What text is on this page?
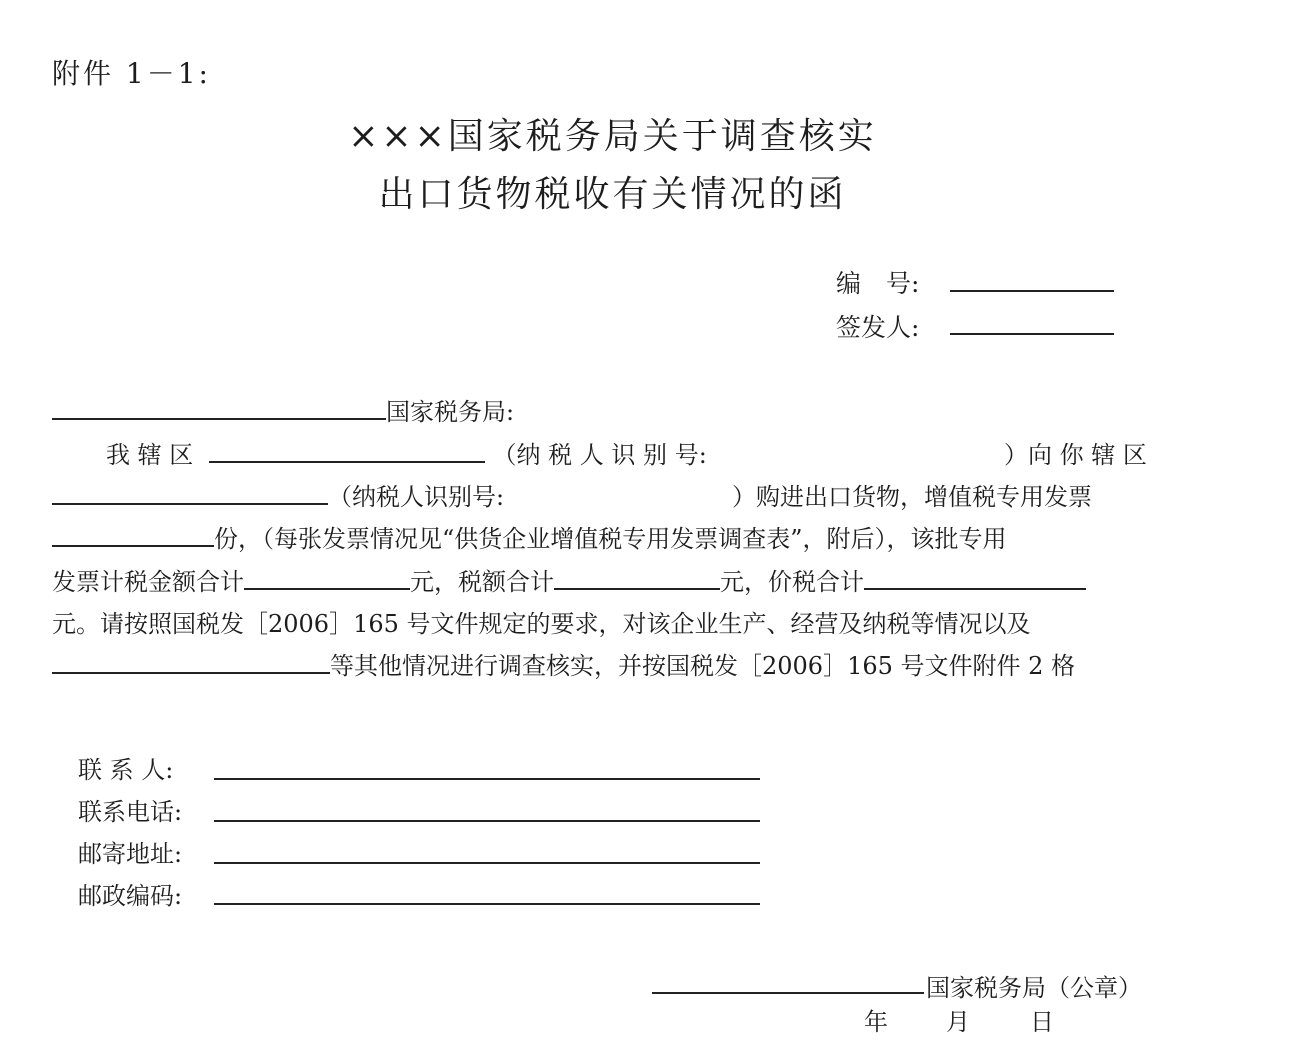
附件 1－1:
×××国家税务局关于调查核实
出口货物税收有关情况的函
编　号:
签发人:
国家税务局:
我 辖 区	（纳 税 人 识 别 号:	）向 你 辖 区
（纳税人识别号:	）购进出口货物，增值税专用发票
份，（每张发票情况见“供货企业增值税专用发票调查表”，附后），该批专用
发票计税金额合计	元，税额合计	元，价税合计
元。请按照国税发［2006］165 号文件规定的要求，对该企业生产、经营及纳税等情况以及
等其他情况进行调查核实，并按国税发［2006］165 号文件附件 2 格
联 系 人:
联系电话:
邮寄地址:
邮政编码:
国家税务局（公章）
年 月	日
